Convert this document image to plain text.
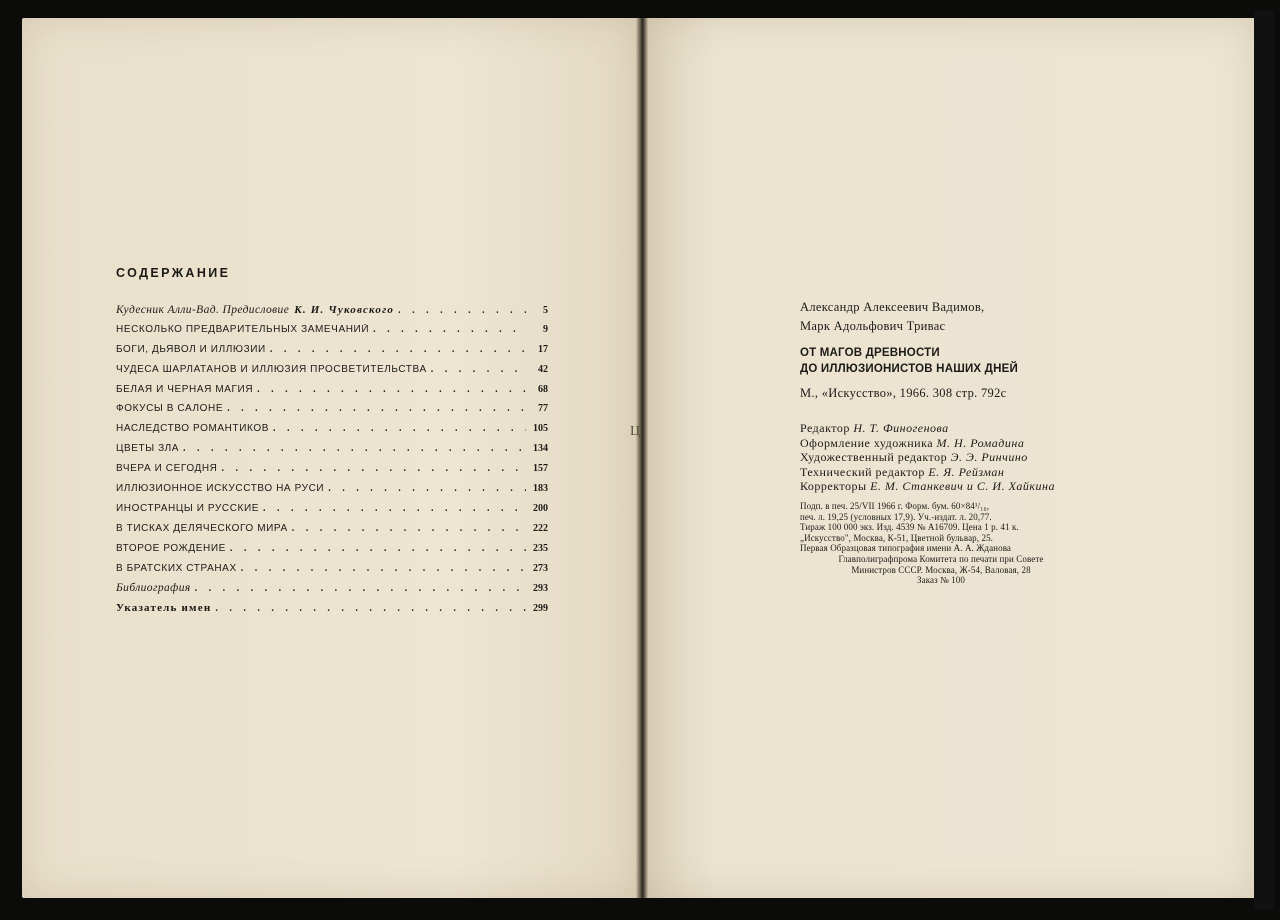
СОДЕРЖАНИЕ
Кудесник Алли-Вад. Предисловие К. И. Чуковского . . .	5
НЕСКОЛЬКО ПРЕДВАРИТЕЛЬНЫХ ЗАМЕЧАНИЙ . . .	9
БОГИ, ДЬЯВОЛ И ИЛЛЮЗИИ . . .	17
ЧУДЕСА ШАРЛАТАНОВ И ИЛЛЮЗИЯ ПРОСВЕТИТЕЛЬСТВА . . .	42
БЕЛАЯ И ЧЕРНАЯ МАГИЯ . . .	68
ФОКУСЫ В САЛОНЕ . . .	77
НАСЛЕДСТВО РОМАНТИКОВ . . .	105
ЦВЕТЫ ЗЛА . . .	134
ВЧЕРА И СЕГОДНЯ . . .	157
ИЛЛЮЗИОННОЕ ИСКУССТВО НА РУСИ . . .	183
ИНОСТРАНЦЫ И РУССКИЕ . . .	200
В ТИСКАХ ДЕЛЯЧЕСКОГО МИРА . . .	222
ВТОРОЕ РОЖДЕНИЕ . . .	235
В БРАТСКИХ СТРАНАХ . . .	273
Библиография . . .	293
Указатель имен . . .	299
Ц
Александр Алексеевич Вадимов,
Марк Адольфович Тривас
ОТ МАГОВ ДРЕВНОСТИ
ДО ИЛЛЮЗИОНИСТОВ НАШИХ ДНЕЙ
М., «Искусство», 1966. 308 стр. 792c
Редактор Н. Т. Финогенова
Оформление художника М. Н. Ромадина
Художественный редактор Э. Э. Ринчино
Технический редактор Е. Я. Рейзман
Корректоры Е. М. Станкевич и С. И. Хайкина
Подп. в печ. 25/VII 1966 г. Форм. бум. 60×84¹/₁₆,
печ. л. 19,25 (условных 17,9). Уч.-издат. л. 20,77.
Тираж 100 000 экз. Изд. 4539 № А16709. Цена 1 р. 41 к.
„Искусство", Москва, К-51, Цветной бульвар, 25.
Первая Образцовая типография имени А. А. Жданова
Главполиграфпрома Комитета по печати при Совете
Министров СССР. Москва, Ж-54, Валовая, 28
Заказ № 100
